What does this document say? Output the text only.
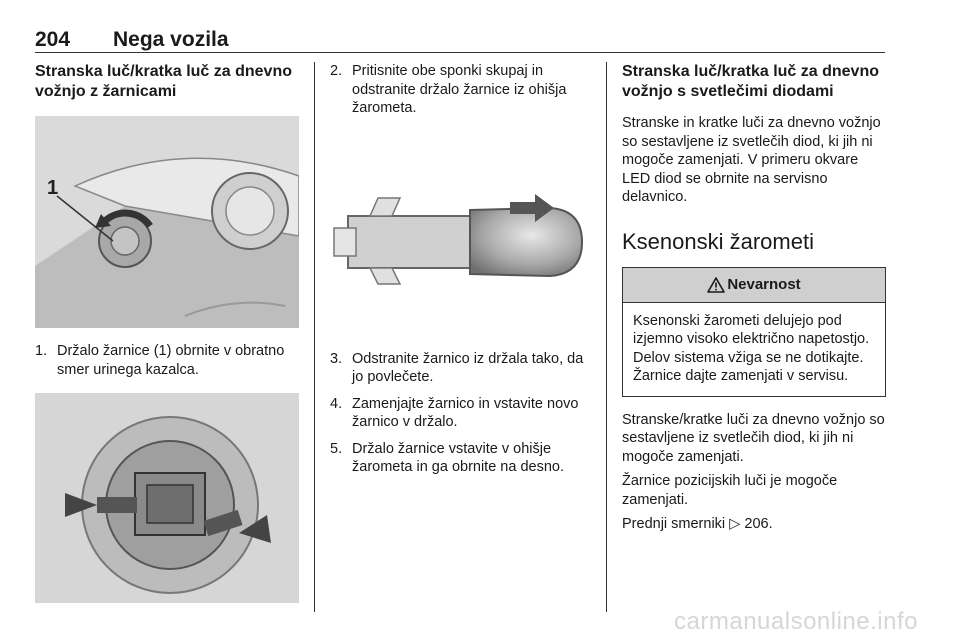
204 Nega vozila
Stranska luč/kratka luč za dnevno vožnjo z žarnicami
1
1. Držalo žarnice (1) obrnite v obratno smer urinega kazalca.
2. Pritisnite obe sponki skupaj in odstranite držalo žarnice iz ohišja žarometa.
3. Odstranite žarnico iz držala tako, da jo povlečete.
4. Zamenjajte žarnico in vstavite novo žarnico v držalo.
5. Držalo žarnice vstavite v ohišje žarometa in ga obrnite na desno.
Stranska luč/kratka luč za dnevno vožnjo s svetlečimi diodami

Stranske in kratke luči za dnevno vožnjo so sestavljene iz svetlečih diod, ki jih ni mogoče zamenjati. V primeru okvare LED diod se obrnite na servisno delavnico.

Ksenonski žarometi
Nevarnost
Ksenonski žarometi delujejo pod izjemno visoko električno napetostjo. Delov sistema vžiga se ne dotikajte. Žarnice dajte zamenjati v servisu.

Stranske/kratke luči za dnevno vožnjo so sestavljene iz svetlečih diod, ki jih ni mogoče zamenjati.

Žarnice pozicijskih luči je mogoče zamenjati.

Prednji smerniki ▷ 206.

carmanualsonline.info
